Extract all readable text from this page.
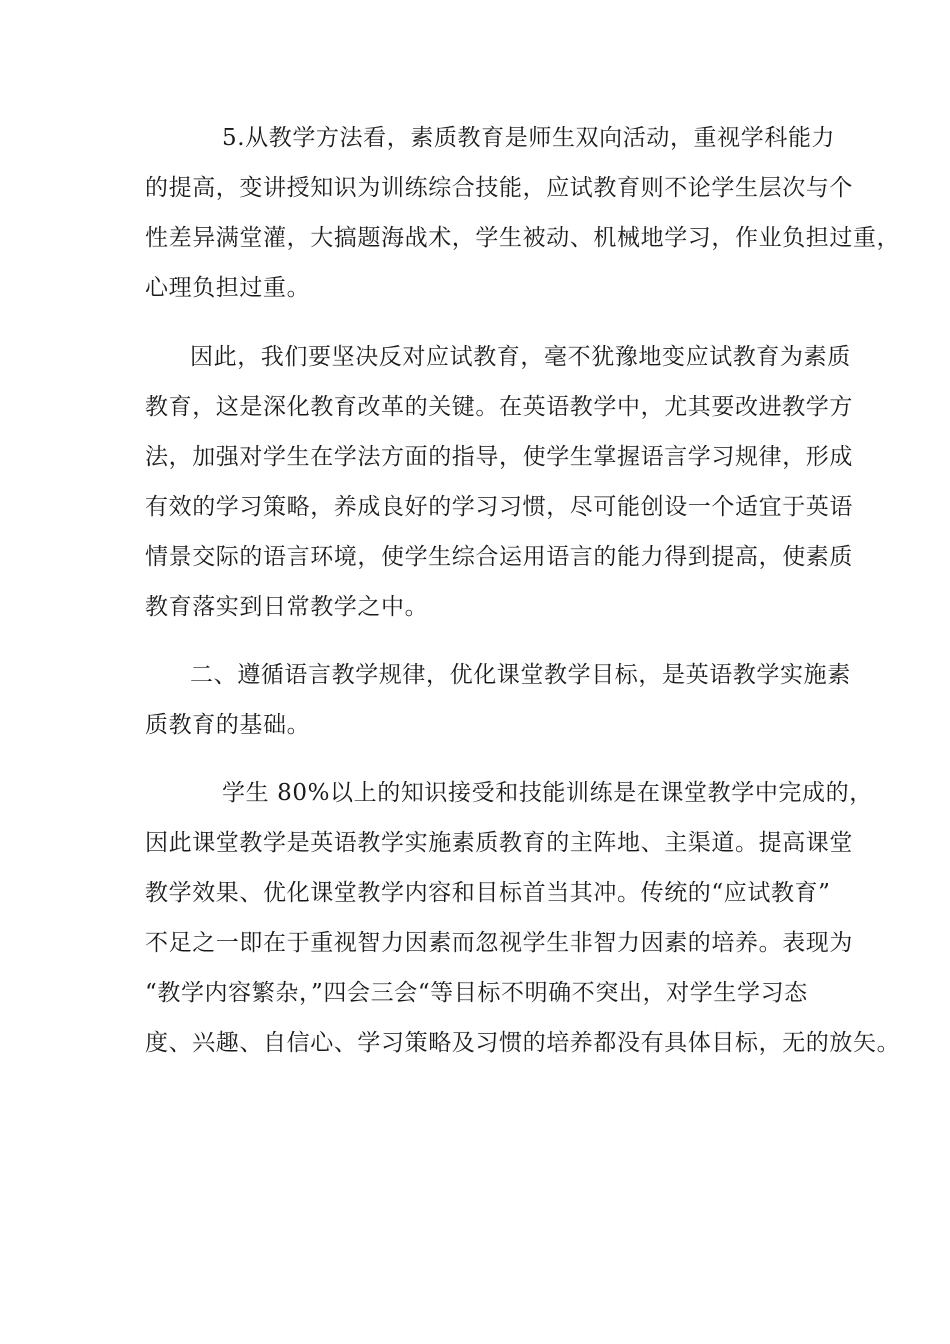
5.从教学方法看，素质教育是师生双向活动，重视学科能力
的提高，变讲授知识为训练综合技能，应试教育则不论学生层次与个
性差异满堂灌，大搞题海战术，学生被动、机械地学习，作业负担过重，
心理负担过重。
因此，我们要坚决反对应试教育，毫不犹豫地变应试教育为素质
教育，这是深化教育改革的关键。在英语教学中，尤其要改进教学方
法，加强对学生在学法方面的指导，使学生掌握语言学习规律，形成
有效的学习策略，养成良好的学习习惯，尽可能创设一个适宜于英语
情景交际的语言环境，使学生综合运用语言的能力得到提高，使素质
教育落实到日常教学之中。
二、遵循语言教学规律，优化课堂教学目标，是英语教学实施素
质教育的基础。
学生 80%以上的知识接受和技能训练是在课堂教学中完成的，
因此课堂教学是英语教学实施素质教育的主阵地、主渠道。提高课堂
教学效果、优化课堂教学内容和目标首当其冲。传统的“应试教育”
不足之一即在于重视智力因素而忽视学生非智力因素的培养。表现为
“教学内容繁杂，”四会三会“等目标不明确不突出，对学生学习态
度、兴趣、自信心、学习策略及习惯的培养都没有具体目标，无的放矢。
